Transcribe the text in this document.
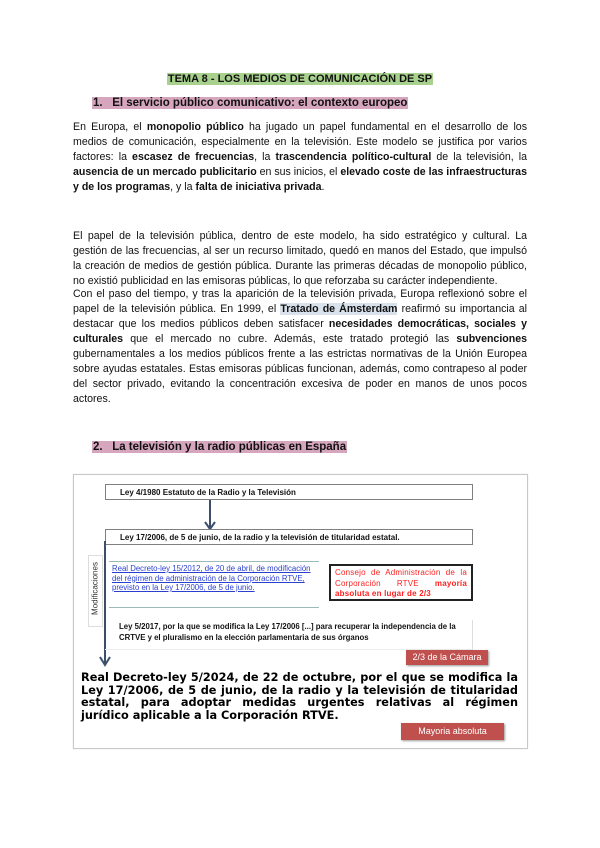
TEMA 8 - LOS MEDIOS DE COMUNICACIÓN DE SP
1. El servicio público comunicativo: el contexto europeo
En Europa, el monopolio público ha jugado un papel fundamental en el desarrollo de los medios de comunicación, especialmente en la televisión. Este modelo se justifica por varios factores: la escasez de frecuencias, la trascendencia político-cultural de la televisión, la ausencia de un mercado publicitario en sus inicios, el elevado coste de las infraestructuras y de los programas, y la falta de iniciativa privada.
El papel de la televisión pública, dentro de este modelo, ha sido estratégico y cultural. La gestión de las frecuencias, al ser un recurso limitado, quedó en manos del Estado, que impulsó la creación de medios de gestión pública. Durante las primeras décadas de monopolio público, no existió publicidad en las emisoras públicas, lo que reforzaba su carácter independiente.
Con el paso del tiempo, y tras la aparición de la televisión privada, Europa reflexionó sobre el papel de la televisión pública. En 1999, el Tratado de Ámsterdam reafirmó su importancia al destacar que los medios públicos deben satisfacer necesidades democráticas, sociales y culturales que el mercado no cubre. Además, este tratado protegió las subvenciones gubernamentales a los medios públicos frente a las estrictas normativas de la Unión Europea sobre ayudas estatales. Estas emisoras públicas funcionan, además, como contrapeso al poder del sector privado, evitando la concentración excesiva de poder en manos de unos pocos actores.
2. La televisión y la radio públicas en España
Ley 4/1980 Estatuto de la Radio y la Televisión
Ley 17/2006, de 5 de junio, de la radio y la televisión de titularidad estatal.
Modificaciones	Real Decreto-ley 15/2012, de 20 de abril, de modificación del régimen de administración de la Corporación RTVE, previsto en la Ley 17/2006, de 5 de junio.
Consejo de Administración de la Corporación RTVE mayoría absoluta en lugar de 2/3
Ley 5/2017, por la que se modifica la Ley 17/2006 [...] para recuperar la independencia de la CRTVE y el pluralismo en la elección parlamentaria de sus órganos
2/3 de la Cámara
Real Decreto-ley 5/2024, de 22 de octubre, por el que se modifica la Ley 17/2006, de 5 de junio, de la radio y la televisión de titularidad estatal, para adoptar medidas urgentes relativas al régimen jurídico aplicable a la Corporación RTVE.
Mayoria absoluta
